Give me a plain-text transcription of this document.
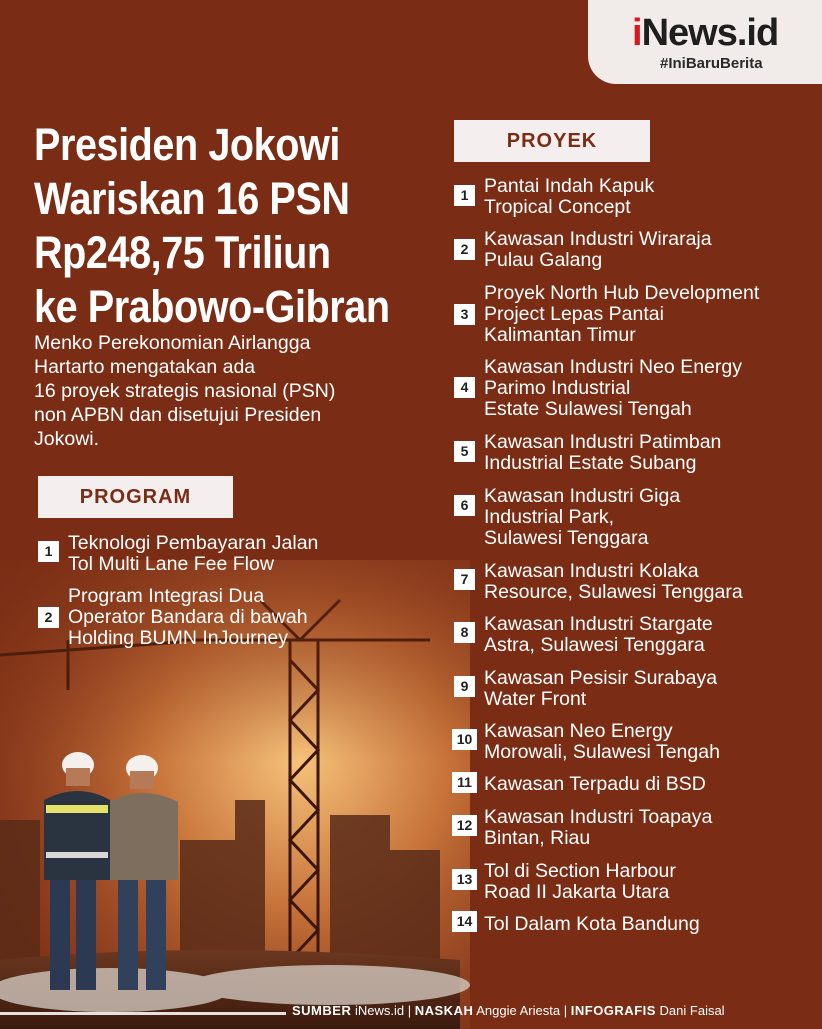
iNews.id
#IniBaruBerita
Presiden Jokowi
Wariskan 16 PSN
Rp248,75 Triliun
ke Prabowo-Gibran
Menko Perekonomian Airlangga
Hartarto mengatakan ada
16 proyek strategis nasional (PSN)
non APBN dan disetujui Presiden
Jokowi.
PROGRAM
1 Teknologi Pembayaran Jalan
Tol Multi Lane Fee Flow
2
Program Integrasi Dua
Operator Bandara di bawah
Holding BUMN InJourney
PROYEK
1 Pantai Indah Kapuk
Tropical Concept
2 Kawasan Industri Wiraraja
Pulau Galang
3
Proyek North Hub Development
Project Lepas Pantai
Kalimantan Timur
4
Kawasan Industri Neo Energy
Parimo Industrial
Estate Sulawesi Tengah
5 Kawasan Industri Patimban
Industrial Estate Subang
6 Kawasan Industri Giga
Industrial Park,
Sulawesi Tenggara
7 Kawasan Industri Kolaka
Resource, Sulawesi Tenggara
8 Kawasan Industri Stargate
Astra, Sulawesi Tenggara
9 Kawasan Pesisir Surabaya
Water Front
10 Kawasan Neo Energy
Morowali, Sulawesi Tengah
11 Kawasan Terpadu di BSD
12 Kawasan Industri Toapaya
Bintan, Riau
13 Tol di Section Harbour
Road II Jakarta Utara
14 Tol Dalam Kota Bandung
SUMBER iNews.id | NASKAH Anggie Ariesta | INFOGRAFIS Dani Faisal
